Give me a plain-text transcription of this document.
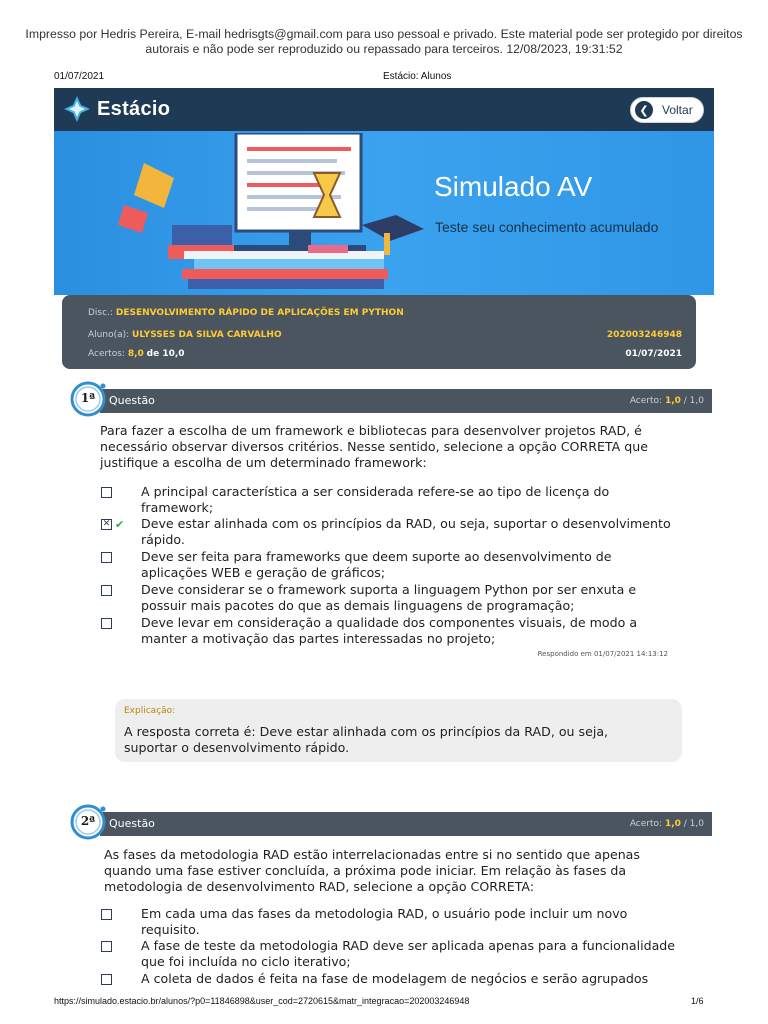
Impresso por Hedris Pereira, E-mail hedrisgts@gmail.com para uso pessoal e privado. Este material pode ser protegido por direitos
autorais e não pode ser reproduzido ou repassado para terceiros. 12/08/2023, 19:31:52
01/07/2021	Estácio: Alunos
Estácio	❮	Voltar
Simulado AV
Teste seu conhecimento acumulado
Disc.: DESENVOLVIMENTO RÁPIDO DE APLICAÇÕES EM PYTHON
Aluno(a): ULYSSES DA SILVA CARVALHO	202003246948
Acertos: 8,0 de 10,0	01/07/2021
Questão	Acerto: 1,0 / 1,0
1ª
Para fazer a escolha de um framework e bibliotecas para desenvolver projetos RAD, é necessário observar diversos critérios. Nesse sentido, selecione a opção CORRETA que justifique a escolha de um determinado framework:
A principal característica a ser considerada refere-se ao tipo de licença do framework;
✕ ✔ Deve estar alinhada com os princípios da RAD, ou seja, suportar o desenvolvimento rápido.
Deve ser feita para frameworks que deem suporte ao desenvolvimento de aplicações WEB e geração de gráficos;
Deve considerar se o framework suporta a linguagem Python por ser enxuta e possuir mais pacotes do que as demais linguagens de programação;
Deve levar em consideração a qualidade dos componentes visuais, de modo a manter a motivação das partes interessadas no projeto;
Respondido em 01/07/2021 14:13:12
Explicação:
A resposta correta é: Deve estar alinhada com os princípios da RAD, ou seja, suportar o desenvolvimento rápido.
Questão	Acerto: 1,0 / 1,0
2ª
As fases da metodologia RAD estão interrelacionadas entre si no sentido que apenas quando uma fase estiver concluída, a próxima pode iniciar. Em relação às fases da metodologia de desenvolvimento RAD, selecione a opção CORRETA:
Em cada uma das fases da metodologia RAD, o usuário pode incluir um novo requisito.
A fase de teste da metodologia RAD deve ser aplicada apenas para a funcionalidade que foi incluída no ciclo iterativo;
A coleta de dados é feita na fase de modelagem de negócios e serão agrupados
https://simulado.estacio.br/alunos/?p0=11846898&user_cod=2720615&matr_integracao=202003246948	1/6
